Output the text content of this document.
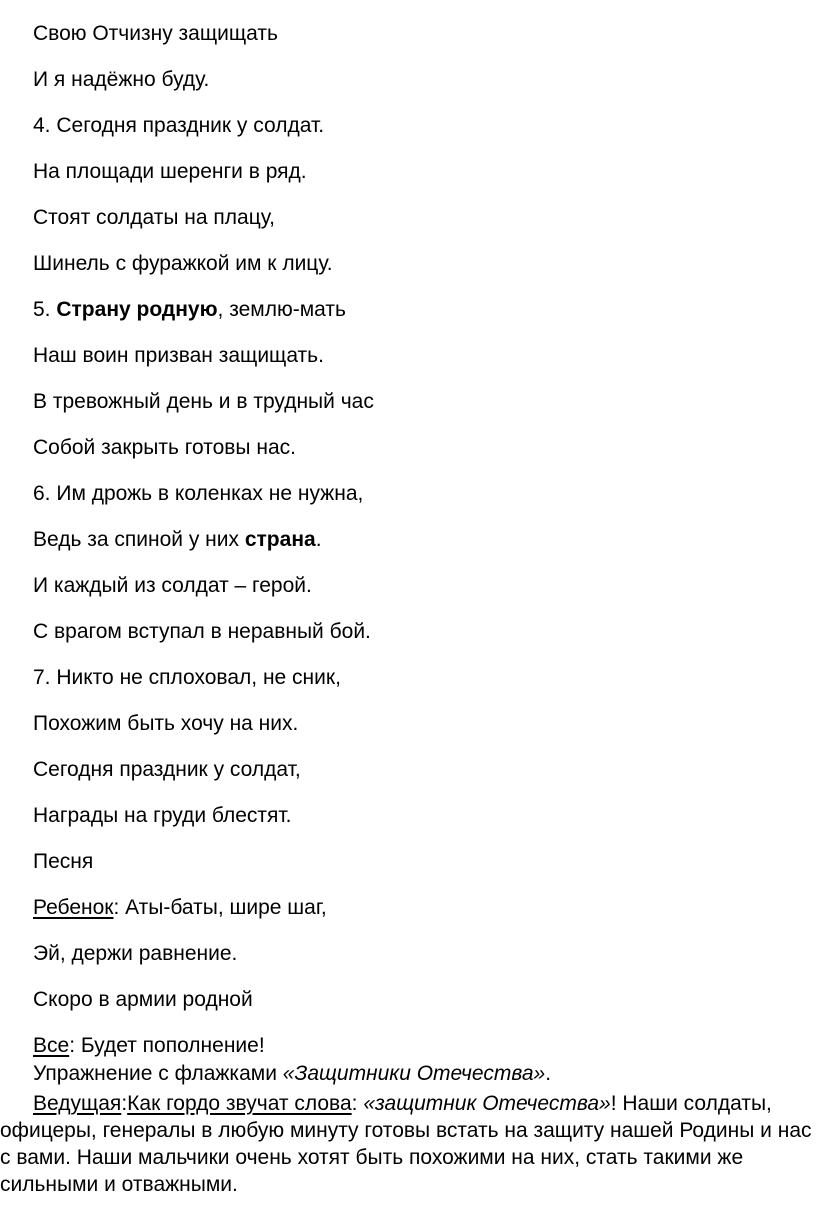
Свою Отчизну защищать
И я надёжно буду.
4. Сегодня праздник у солдат.
На площади шеренги в ряд.
Стоят солдаты на плацу,
Шинель с фуражкой им к лицу.
5. Страну родную, землю-мать
Наш воин призван защищать.
В тревожный день и в трудный час
Собой закрыть готовы нас.
6. Им дрожь в коленках не нужна,
Ведь за спиной у них страна.
И каждый из солдат – герой.
С врагом вступал в неравный бой.
7. Никто не сплоховал, не сник,
Похожим быть хочу на них.
Сегодня праздник у солдат,
Награды на груди блестят.
Песня
Ребенок: Аты-баты, шире шаг,
Эй, держи равнение.
Скоро в армии родной
Все: Будет пополнение!
Упражнение с флажками «Защитники Отечества».
Ведущая:Как гордо звучат слова: «защитник Отечества»! Наши солдаты, офицеры, генералы в любую минуту готовы встать на защиту нашей Родины и нас с вами. Наши мальчики очень хотят быть похожими на них, стать такими же сильными и отважными.
